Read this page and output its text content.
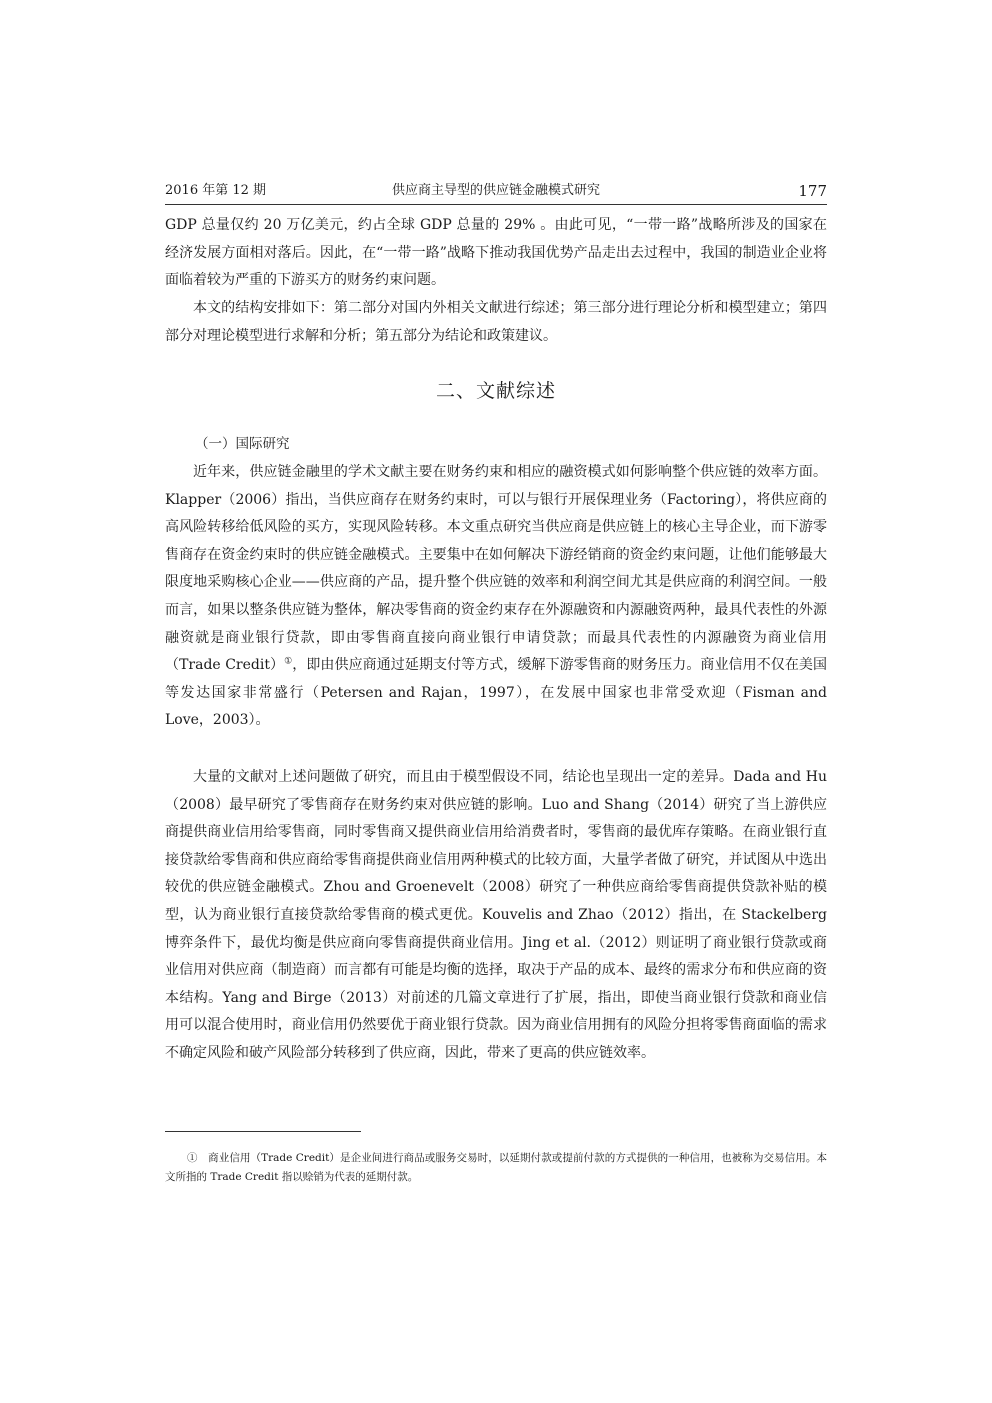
2016 年第 12 期	供应商主导型的供应链金融模式研究	177

GDP 总量仅约 20 万亿美元，约占全球 GDP 总量的 29% 。由此可见，“一带一路”战略所涉及的国家在经济发展方面相对落后。因此，在“一带一路”战略下推动我国优势产品走出去过程中，我国的制造业企业将面临着较为严重的下游买方的财务约束问题。

本文的结构安排如下：第二部分对国内外相关文献进行综述；第三部分进行理论分析和模型建立；第四部分对理论模型进行求解和分析；第五部分为结论和政策建议。

二、文献综述
（一）国际研究

近年来，供应链金融里的学术文献主要在财务约束和相应的融资模式如何影响整个供应链的效率方面。Klapper（2006）指出，当供应商存在财务约束时，可以与银行开展保理业务（Factoring），将供应商的高风险转移给低风险的买方，实现风险转移。本文重点研究当供应商是供应链上的核心主导企业，而下游零售商存在资金约束时的供应链金融模式。主要集中在如何解决下游经销商的资金约束问题，让他们能够最大限度地采购核心企业——供应商的产品，提升整个供应链的效率和利润空间尤其是供应商的利润空间。一般而言，如果以整条供应链为整体，解决零售商的资金约束存在外源融资和内源融资两种，最具代表性的外源融资就是商业银行贷款，即由零售商直接向商业银行申请贷款；而最具代表性的内源融资为商业信用（Trade Credit）①，即由供应商通过延期支付等方式，缓解下游零售商的财务压力。商业信用不仅在美国等发达国家非常盛行（Petersen and Rajan，1997），在发展中国家也非常受欢迎（Fisman and Love，2003）。

大量的文献对上述问题做了研究，而且由于模型假设不同，结论也呈现出一定的差异。Dada and Hu（2008）最早研究了零售商存在财务约束对供应链的影响。Luo and Shang（2014）研究了当上游供应商提供商业信用给零售商，同时零售商又提供商业信用给消费者时，零售商的最优库存策略。在商业银行直接贷款给零售商和供应商给零售商提供商业信用两种模式的比较方面，大量学者做了研究，并试图从中选出较优的供应链金融模式。Zhou and Groenevelt（2008）研究了一种供应商给零售商提供贷款补贴的模型，认为商业银行直接贷款给零售商的模式更优。Kouvelis and Zhao（2012）指出，在 Stackelberg 博弈条件下，最优均衡是供应商向零售商提供商业信用。Jing et al.（2012）则证明了商业银行贷款或商业信用对供应商（制造商）而言都有可能是均衡的选择，取决于产品的成本、最终的需求分布和供应商的资本结构。Yang and Birge（2013）对前述的几篇文章进行了扩展，指出，即使当商业银行贷款和商业信用可以混合使用时，商业信用仍然要优于商业银行贷款。因为商业信用拥有的风险分担将零售商面临的需求不确定风险和破产风险部分转移到了供应商，因此，带来了更高的供应链效率。

①  商业信用（Trade Credit）是企业间进行商品或服务交易时，以延期付款或提前付款的方式提供的一种信用，也被称为交易信用。本文所指的 Trade Credit 指以赊销为代表的延期付款。
